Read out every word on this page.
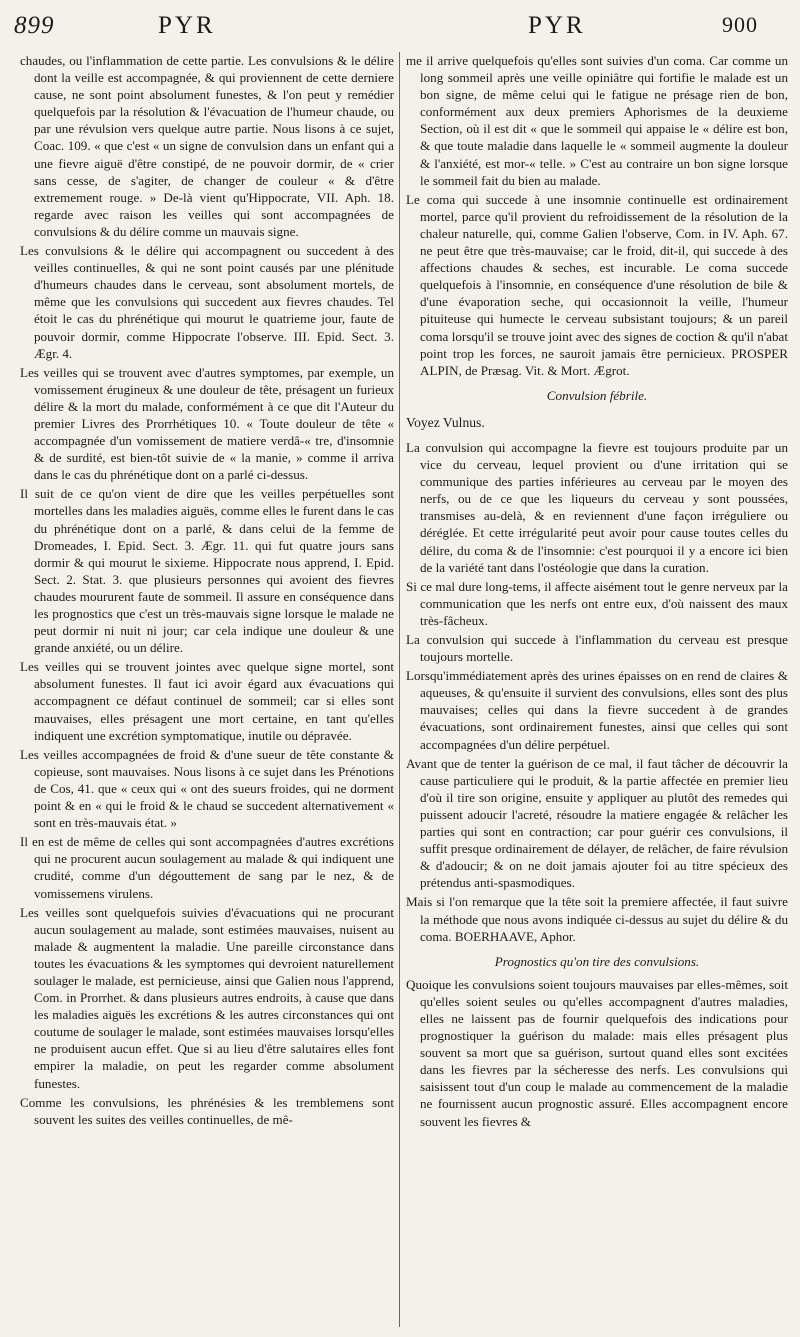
899	PYR	PYR	900

chaudes, ou l'inflammation de cette partie. Les convulsions & le délire dont la veille est accompagnée, & qui proviennent de cette derniere cause, ne sont point absolument funestes, & l'on peut y remédier quelquefois par la résolution & l'évacuation de l'humeur chaude, ou par une révulsion vers quelque autre partie. Nous lisons à ce sujet, Coac. 109. « que c'est « un signe de convulsion dans un enfant qui a une fievre aiguë d'être constipé, de ne pouvoir dormir, de « crier sans cesse, de s'agiter, de changer de couleur « & d'être extremement rouge. » De-là vient qu'Hippocrate, VII. Aph. 18. regarde avec raison les veilles qui sont accompagnées de convulsions & du délire comme un mauvais signe.

Les convulsions & le délire qui accompagnent ou succedent à des veilles continuelles, & qui ne sont point causés par une plénitude d'humeurs chaudes dans le cerveau, sont absolument mortels, de même que les convulsions qui succedent aux fievres chaudes. Tel étoit le cas du phrénétique qui mourut le quatrieme jour, faute de pouvoir dormir, comme Hippocrate l'observe. III. Epid. Sect. 3. Ægr. 4.

Les veilles qui se trouvent avec d'autres symptomes, par exemple, un vomissement érugineux & une douleur de tête, présagent un furieux délire & la mort du malade, conformément à ce que dit l'Auteur du premier Livres des Prorrhétiques 10. « Toute douleur de tête « accompagnée d'un vomissement de matiere verdâ-« tre, d'insomnie & de surdité, est bien-tôt suivie de « la manie, » comme il arriva dans le cas du phrénétique dont on a parlé ci-dessus.

Il suit de ce qu'on vient de dire que les veilles perpétuelles sont mortelles dans les maladies aiguës, comme elles le furent dans le cas du phrénétique dont on a parlé, & dans celui de la femme de Dromeades, I. Epid. Sect. 3. Ægr. 11. qui fut quatre jours sans dormir & qui mourut le sixieme. Hippocrate nous apprend, I. Epid. Sect. 2. Stat. 3. que plusieurs personnes qui avoient des fievres chaudes moururent faute de sommeil. Il assure en conséquence dans les prognostics que c'est un très-mauvais signe lorsque le malade ne peut dormir ni nuit ni jour; car cela indique une douleur & une grande anxiété, ou un délire.

Les veilles qui se trouvent jointes avec quelque signe mortel, sont absolument funestes. Il faut ici avoir égard aux évacuations qui accompagnent ce défaut continuel de sommeil; car si elles sont mauvaises, elles présagent une mort certaine, en tant qu'elles indiquent une excrétion symptomatique, inutile ou dépravée.

Les veilles accompagnées de froid & d'une sueur de tête constante & copieuse, sont mauvaises. Nous lisons à ce sujet dans les Prénotions de Cos, 41. que « ceux qui « ont des sueurs froides, qui ne dorment point & en « qui le froid & le chaud se succedent alternativement « sont en très-mauvais état. »

Il en est de même de celles qui sont accompagnées d'autres excrétions qui ne procurent aucun soulagement au malade & qui indiquent une crudité, comme d'un dégouttement de sang par le nez, & de vomissemens virulens.

Les veilles sont quelquefois suivies d'évacuations qui ne procurant aucun soulagement au malade, sont estimées mauvaises, nuisent au malade & augmentent la maladie. Une pareille circonstance dans toutes les évacuations & les symptomes qui devroient naturellement soulager le malade, est pernicieuse, ainsi que Galien nous l'apprend, Com. in Prorrhet. & dans plusieurs autres endroits, à cause que dans les maladies aiguës les excrétions & les autres circonstances qui ont coutume de soulager le malade, sont estimées mauvaises lorsqu'elles ne produisent aucun effet. Que si au lieu d'être salutaires elles font empirer la maladie, on peut les regarder comme absolument funestes.

Comme les convulsions, les phrénésies & les tremblemens sont souvent les suites des veilles continuelles, de mê-

me il arrive quelquefois qu'elles sont suivies d'un coma. Car comme un long sommeil après une veille opiniâtre qui fortifie le malade est un bon signe, de même celui qui le fatigue ne présage rien de bon, conformément aux deux premiers Aphorismes de la deuxieme Section, où il est dit « que le sommeil qui appaise le « délire est bon, & que toute maladie dans laquelle le « sommeil augmente la douleur & l'anxiété, est mor-« telle. » C'est au contraire un bon signe lorsque le sommeil fait du bien au malade.

Le coma qui succede à une insomnie continuelle est ordinairement mortel, parce qu'il provient du refroidissement de la résolution de la chaleur naturelle, qui, comme Galien l'observe, Com. in IV. Aph. 67. ne peut être que très-mauvaise; car le froid, dit-il, qui succede à des affections chaudes & seches, est incurable. Le coma succede quelquefois à l'insomnie, en conséquence d'une résolution de bile & d'une évaporation seche, qui occasionnoit la veille, l'humeur pituiteuse qui humecte le cerveau subsistant toujours; & un pareil coma lorsqu'il se trouve joint avec des signes de coction & qu'il n'abat point trop les forces, ne sauroit jamais être pernicieux. PROSPER ALPIN, de Præsag. Vit. & Mort. Ægrot.

Convulsion fébrile.

Voyez Vulnus.

La convulsion qui accompagne la fievre est toujours produite par un vice du cerveau, lequel provient ou d'une irritation qui se communique des parties inférieures au cerveau par le moyen des nerfs, ou de ce que les liqueurs du cerveau y sont poussées, transmises au-delà, & en reviennent d'une façon irréguliere ou déréglée. Et cette irrégularité peut avoir pour cause toutes celles du délire, du coma & de l'insomnie: c'est pourquoi il y a encore ici bien de la variété tant dans l'ostéologie que dans la curation.

Si ce mal dure long-tems, il affecte aisément tout le genre nerveux par la communication que les nerfs ont entre eux, d'où naissent des maux très-fâcheux.

La convulsion qui succede à l'inflammation du cerveau est presque toujours mortelle.

Lorsqu'immédiatement après des urines épaisses on en rend de claires & aqueuses, & qu'ensuite il survient des convulsions, elles sont des plus mauvaises; celles qui dans la fievre succedent à de grandes évacuations, sont ordinairement funestes, ainsi que celles qui sont accompagnées d'un délire perpétuel.

Avant que de tenter la guérison de ce mal, il faut tâcher de découvrir la cause particuliere qui le produit, & la partie affectée en premier lieu d'où il tire son origine, ensuite y appliquer au plutôt des remedes qui puissent adoucir l'acreté, résoudre la matiere engagée & relâcher les parties qui sont en contraction; car pour guérir ces convulsions, il suffit presque ordinairement de délayer, de relâcher, de faire révulsion & d'adoucir; & on ne doit jamais ajouter foi au titre spécieux des prétendus anti-spasmodiques.

Mais si l'on remarque que la tête soit la premiere affectée, il faut suivre la méthode que nous avons indiquée ci-dessus au sujet du délire & du coma. BOERHAAVE, Aphor.

Prognostics qu'on tire des convulsions.

Quoique les convulsions soient toujours mauvaises par elles-mêmes, soit qu'elles soient seules ou qu'elles accompagnent d'autres maladies, elles ne laissent pas de fournir quelquefois des indications pour prognostiquer la guérison du malade: mais elles présagent plus souvent sa mort que sa guérison, surtout quand elles sont excitées dans les fievres par la sécheresse des nerfs. Les convulsions qui saisissent tout d'un coup le malade au commencement de la maladie ne fournissent aucun prognostic assuré. Elles accompagnent encore souvent les fievres &
